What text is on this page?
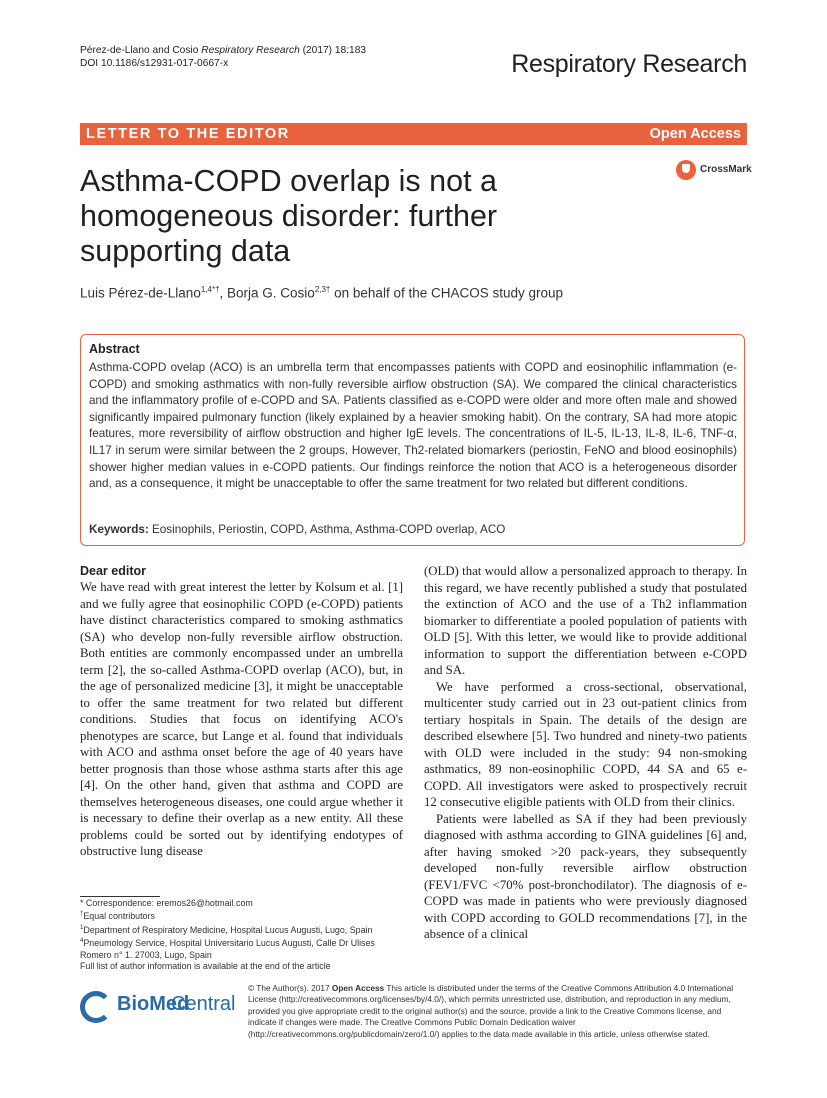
Pérez-de-Llano and Cosio Respiratory Research (2017) 18:183
DOI 10.1186/s12931-017-0667-x	Respiratory Research
LETTER TO THE EDITOR	Open Access
CrossMark
Asthma-COPD overlap is not a homogeneous disorder: further supporting data
Luis Pérez-de-Llano$^{1,4*\dagger}$, Borja G. Cosio$^{2,3\dagger}$ on behalf of the CHACOS study group
Abstract
Asthma-COPD ovelap (ACO) is an umbrella term that encompasses patients with COPD and eosinophilic inflammation (e-COPD) and smoking asthmatics with non-fully reversible airflow obstruction (SA). We compared the clinical characteristics and the inflammatory profile of e-COPD and SA. Patients classified as e-COPD were older and more often male and showed significantly impaired pulmonary function (likely explained by a heavier smoking habit). On the contrary, SA had more atopic features, more reversibility of airflow obstruction and higher IgE levels. The concentrations of IL-5, IL-13, IL-8, IL-6, TNF-α, IL17 in serum were similar between the 2 groups. However, Th2-related biomarkers (periostin, FeNO and blood eosinophils) shower higher median values in e-COPD patients. Our findings reinforce the notion that ACO is a heterogeneous disorder and, as a consequence, it might be unacceptable to offer the same treatment for two related but different conditions.
Keywords: Eosinophils, Periostin, COPD, Asthma, Asthma-COPD overlap, ACO
Dear editor

We have read with great interest the letter by Kolsum et al. [1] and we fully agree that eosinophilic COPD (e-COPD) patients have distinct characteristics compared to smoking asthmatics (SA) who develop non-fully reversible airflow obstruction. Both entities are commonly encompassed under an umbrella term [2], the so-called Asthma-COPD overlap (ACO), but, in the age of personalized medicine [3], it might be unacceptable to offer the same treatment for two related but different conditions. Studies that focus on identifying ACO's phenotypes are scarce, but Lange et al. found that individuals with ACO and asthma onset before the age of 40 years have better prognosis than those whose asthma starts after this age [4]. On the other hand, given that asthma and COPD are themselves heterogeneous diseases, one could argue whether it is necessary to define their overlap as a new entity. All these problems could be sorted out by identifying endotypes of obstructive lung disease

(OLD) that would allow a personalized approach to therapy. In this regard, we have recently published a study that postulated the extinction of ACO and the use of a Th2 inflammation biomarker to differentiate a pooled population of patients with OLD [5]. With this letter, we would like to provide additional information to support the differentiation between e-COPD and SA.

We have performed a cross-sectional, observational, multicenter study carried out in 23 out-patient clinics from tertiary hospitals in Spain. The details of the design are described elsewhere [5]. Two hundred and ninety-two patients with OLD were included in the study: 94 non-smoking asthmatics, 89 non-eosinophilic COPD, 44 SA and 65 e-COPD. All investigators were asked to prospectively recruit 12 consecutive eligible patients with OLD from their clinics.

Patients were labelled as SA if they had been previously diagnosed with asthma according to GINA guidelines [6] and, after having smoked >20 pack-years, they subsequently developed non-fully reversible airflow obstruction (FEV1/FVC <70% post-bronchodilator). The diagnosis of e-COPD was made in patients who were previously diagnosed with COPD according to GOLD recommendations [7], in the absence of a clinical

* Correspondence: eremos26@hotmail.com
†Equal contributors
$^1$Department of Respiratory Medicine, Hospital Lucus Augusti, Lugo, Spain
$^4$Pneumology Service, Hospital Universitario Lucus Augusti, Calle Dr Ulises Romero n° 1. 27003, Lugo, Spain
Full list of author information is available at the end of the article
BioMed
Central
© The Author(s). 2017 Open Access This article is distributed under the terms of the Creative Commons Attribution 4.0 International License (http://creativecommons.org/licenses/by/4.0/), which permits unrestricted use, distribution, and reproduction in any medium, provided you give appropriate credit to the original author(s) and the source, provide a link to the Creative Commons license, and indicate if changes were made. The Creative Commons Public Domain Dedication waiver (http://creativecommons.org/publicdomain/zero/1.0/) applies to the data made available in this article, unless otherwise stated.
